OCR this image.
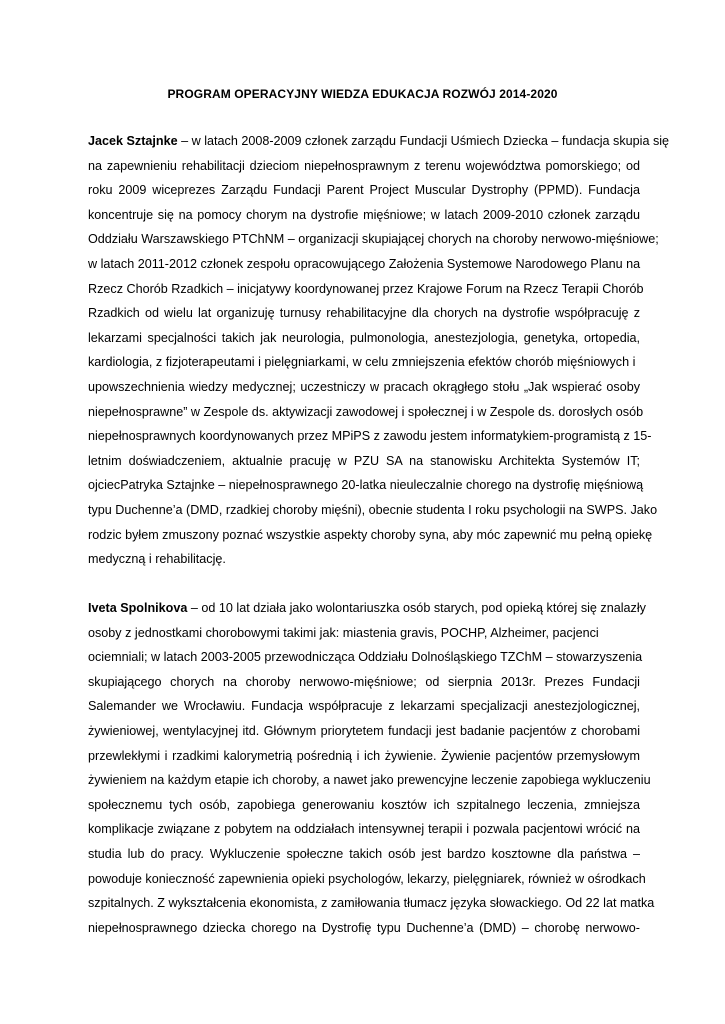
PROGRAM OPERACYJNY WIEDZA EDUKACJA ROZWÓJ 2014-2020
Jacek Sztajnke – w latach 2008-2009 członek zarządu Fundacji Uśmiech Dziecka – fundacja skupia się
na zapewnieniu rehabilitacji dzieciom niepełnosprawnym z terenu województwa pomorskiego; od
roku 2009 wiceprezes Zarządu Fundacji Parent Project Muscular Dystrophy (PPMD). Fundacja
koncentruje się na pomocy chorym na dystrofie mięśniowe; w latach 2009-2010 członek zarządu
Oddziału Warszawskiego PTChNM – organizacji skupiającej chorych na choroby nerwowo-mięśniowe;
w latach 2011-2012 członek zespołu opracowującego Założenia Systemowe Narodowego Planu na
Rzecz Chorób Rzadkich – inicjatywy koordynowanej przez Krajowe Forum na Rzecz Terapii Chorób
Rzadkich od wielu lat organizuję turnusy rehabilitacyjne dla chorych na dystrofie współpracuję z
lekarzami specjalności takich jak neurologia, pulmonologia, anestezjologia, genetyka, ortopedia,
kardiologia, z fizjoterapeutami i pielęgniarkami, w celu zmniejszenia efektów chorób mięśniowych i
upowszechnienia wiedzy medycznej; uczestniczy w pracach okrągłego stołu „Jak wspierać osoby
niepełnosprawne” w Zespole ds. aktywizacji zawodowej i społecznej i w Zespole ds. dorosłych osób
niepełnosprawnych koordynowanych przez MPiPS z zawodu jestem informatykiem‑programistą z 15-
letnim doświadczeniem, aktualnie pracuję w PZU SA na stanowisku Architekta Systemów IT;
ojciecPatryka Sztajnke – niepełnosprawnego 20-latka nieuleczalnie chorego na dystrofię mięśniową
typu Duchenne’a (DMD, rzadkiej choroby mięśni), obecnie studenta I roku psychologii na SWPS. Jako
rodzic byłem zmuszony poznać wszystkie aspekty choroby syna, aby móc zapewnić mu pełną opiekę
medyczną i rehabilitację.
Iveta Spolnikova – od 10 lat działa jako wolontariuszka osób starych, pod opieką której się znalazły
osoby z jednostkami chorobowymi takimi jak: miastenia gravis, POCHP, Alzheimer, pacjenci
ociemniali; w latach 2003-2005 przewodnicząca Oddziału Dolnośląskiego TZChM – stowarzyszenia
skupiającego chorych na choroby nerwowo-mięśniowe; od sierpnia 2013r. Prezes Fundacji
Salemander we Wrocławiu. Fundacja współpracuje z lekarzami specjalizacji anestezjologicznej,
żywieniowej, wentylacyjnej itd. Głównym priorytetem fundacji jest badanie pacjentów z chorobami
przewlekłymi i rzadkimi kalorymetrią pośrednią i ich żywienie. Żywienie pacjentów przemysłowym
żywieniem na każdym etapie ich choroby, a nawet jako prewencyjne leczenie zapobiega wykluczeniu
społecznemu tych osób, zapobiega generowaniu kosztów ich szpitalnego leczenia, zmniejsza
komplikacje związane z pobytem na oddziałach intensywnej terapii i pozwala pacjentowi wrócić na
studia lub do pracy. Wykluczenie społeczne takich osób jest bardzo kosztowne dla państwa –
powoduje konieczność zapewnienia opieki psychologów, lekarzy, pielęgniarek, również w ośrodkach
szpitalnych. Z wykształcenia ekonomista, z zamiłowania tłumacz języka słowackiego. Od 22 lat matka
niepełnosprawnego dziecka chorego na Dystrofię typu Duchenne’a (DMD) – chorobę nerwowo-
